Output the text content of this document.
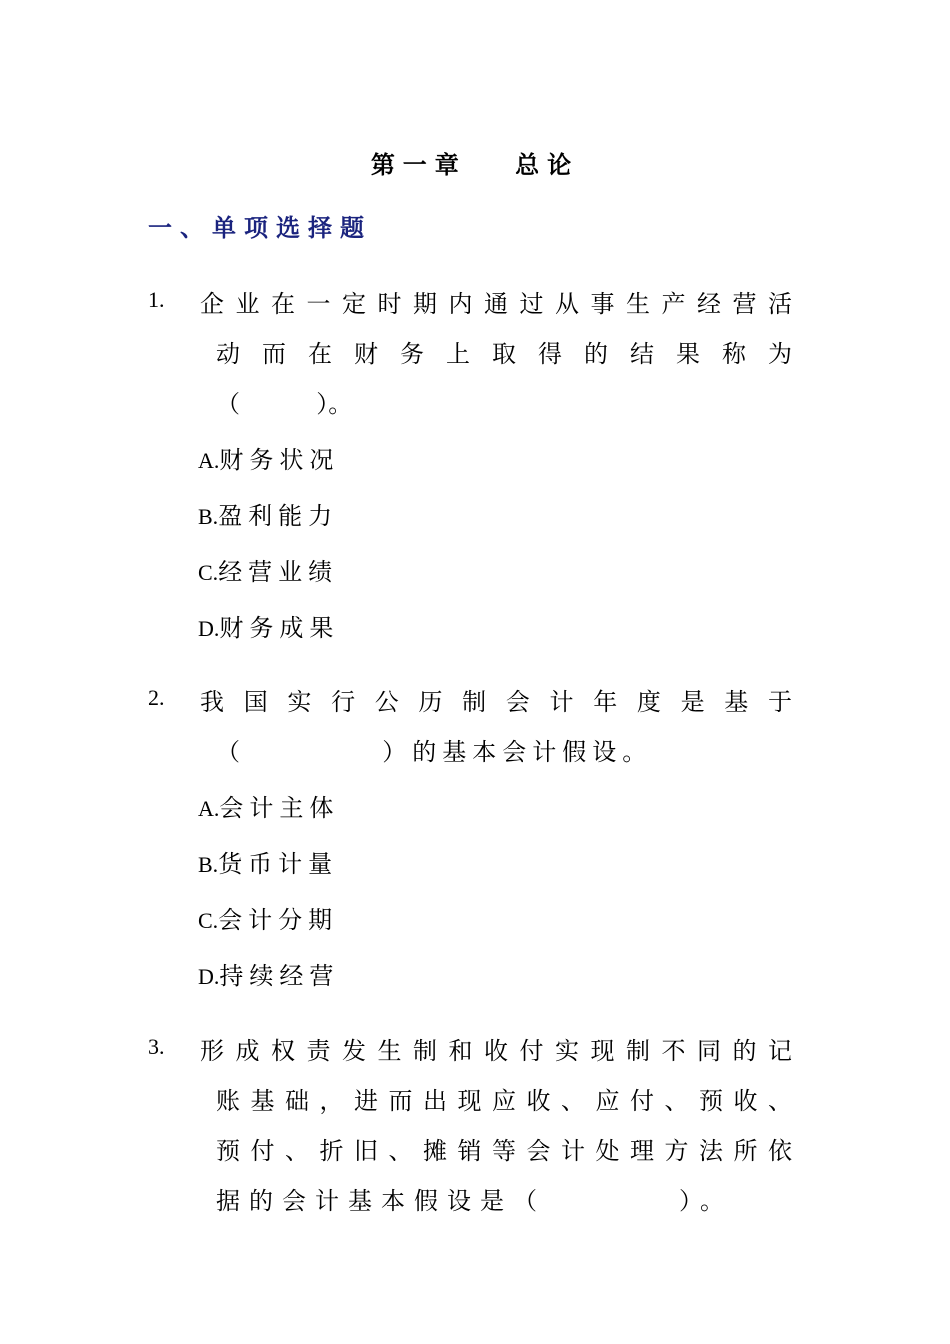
第一章　 总论
一、单项选择题
1. 企业在一定时期内通过从事生产经营活
动而在财务上取得的结果称为
（          ）。
A.财务状况
B.盈利能力
C.经营业绩
D.财务成果
2. 我国实行公历制会计年度是基于
（          ）的基本会计假设。
A.会计主体
B.货币计量
C.会计分期
D.持续经营
3. 形成权责发生制和收付实现制不同的记
账基础，进而出现应收、应付、预收、
预付、折旧、摊销等会计处理方法所依
据的会计基本假设是（        ）。
